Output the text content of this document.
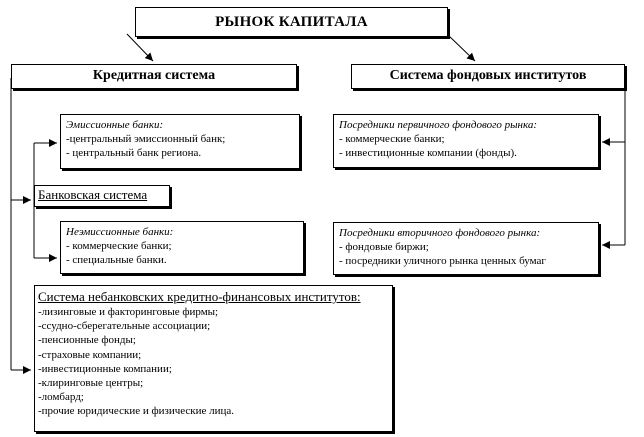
РЫНОК КАПИТАЛА
Кредитная система	Система фондовых институтов
Эмиссионные банки:
-центральный эмиссионный банк;
- центральный банк региона.
Банковская система
Неэмиссионные банки:
- коммерческие банки;
- специальные банки.
Посредники первичного фондового рынка:
- коммерческие банки;
- инвестиционные компании (фонды).
Посредники вторичного фондового рынка:
- фондовые биржи;
- посредники уличного рынка ценных бумаг
Система небанковских кредитно-финансовых институтов:
-лизинговые и факторинговые фирмы;
-ссудно-сберегательные ассоциации;
-пенсионные фонды;
-страховые компании;
-инвестиционные компании;
-клиринговые центры;
-ломбард;
-прочие юридические и физические лица.
